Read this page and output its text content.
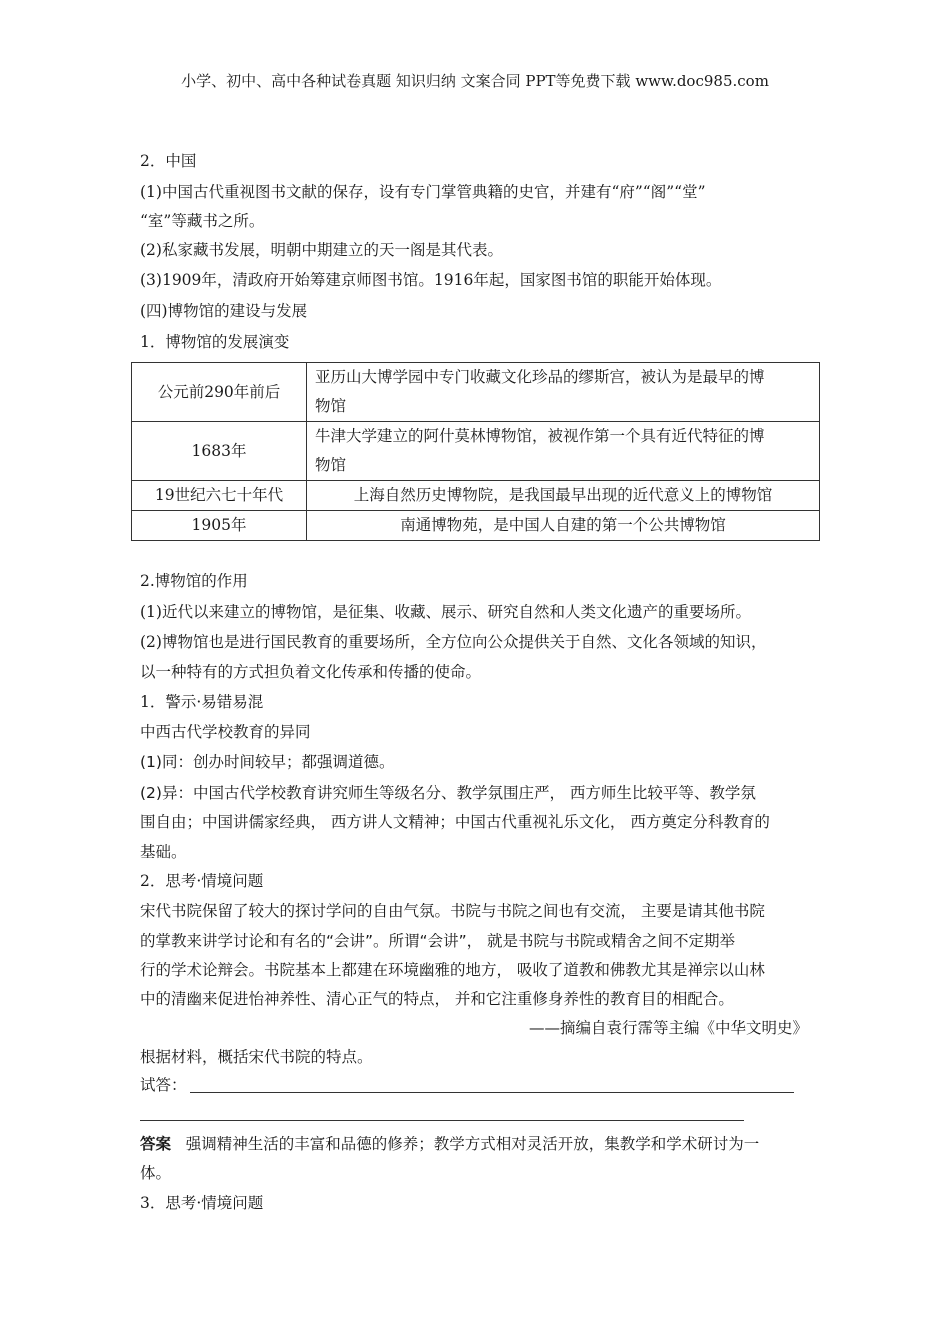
小学、初中、高中各种试卷真题 知识归纳 文案合同 PPT等免费下载 www.doc985.com
2．中国
(1)中国古代重视图书文献的保存，设有专门掌管典籍的史官，并建有“府”“阁”“堂”
“室”等藏书之所。
(2)私家藏书发展，明朝中期建立的天一阁是其代表。
(3)1909年，清政府开始筹建京师图书馆。1916年起，国家图书馆的职能开始体现。
(四)博物馆的建设与发展
1．博物馆的发展演变
公元前290年前后	亚历山大博学园中专门收藏文化珍品的缪斯宫，被认为是最早的博
物馆

1683年	牛津大学建立的阿什莫林博物馆，被视作第一个具有近代特征的博
物馆

19世纪六七十年代	上海自然历史博物院，是我国最早出现的近代意义上的博物馆
1905年	南通博物苑，是中国人自建的第一个公共博物馆
2.博物馆的作用
(1)近代以来建立的博物馆，是征集、收藏、展示、研究自然和人类文化遗产的重要场所。
(2)博物馆也是进行国民教育的重要场所，全方位向公众提供关于自然、文化各领域的知识，
以一种特有的方式担负着文化传承和传播的使命。
1．警示·易错易混
中西古代学校教育的异同
(1)同：创办时间较早；都强调道德。
(2)异：中国古代学校教育讲究师生等级名分、教学氛围庄严， 西方师生比较平等、教学氛
围自由；中国讲儒家经典， 西方讲人文精神；中国古代重视礼乐文化， 西方奠定分科教育的
基础。
2．思考·情境问题
宋代书院保留了较大的探讨学问的自由气氛。书院与书院之间也有交流， 主要是请其他书院
的掌教来讲学讨论和有名的“会讲”。所谓“会讲”， 就是书院与书院或精舍之间不定期举
行的学术论辩会。书院基本上都建在环境幽雅的地方， 吸收了道教和佛教尤其是禅宗以山林
中的清幽来促进怡神养性、清心正气的特点， 并和它注重修身养性的教育目的相配合。
——摘编自袁行霈等主编《中华文明史》
根据材料，概括宋代书院的特点。
试答：
答案 强调精神生活的丰富和品德的修养；教学方式相对灵活开放，集教学和学术研讨为一
体。
3．思考·情境问题
